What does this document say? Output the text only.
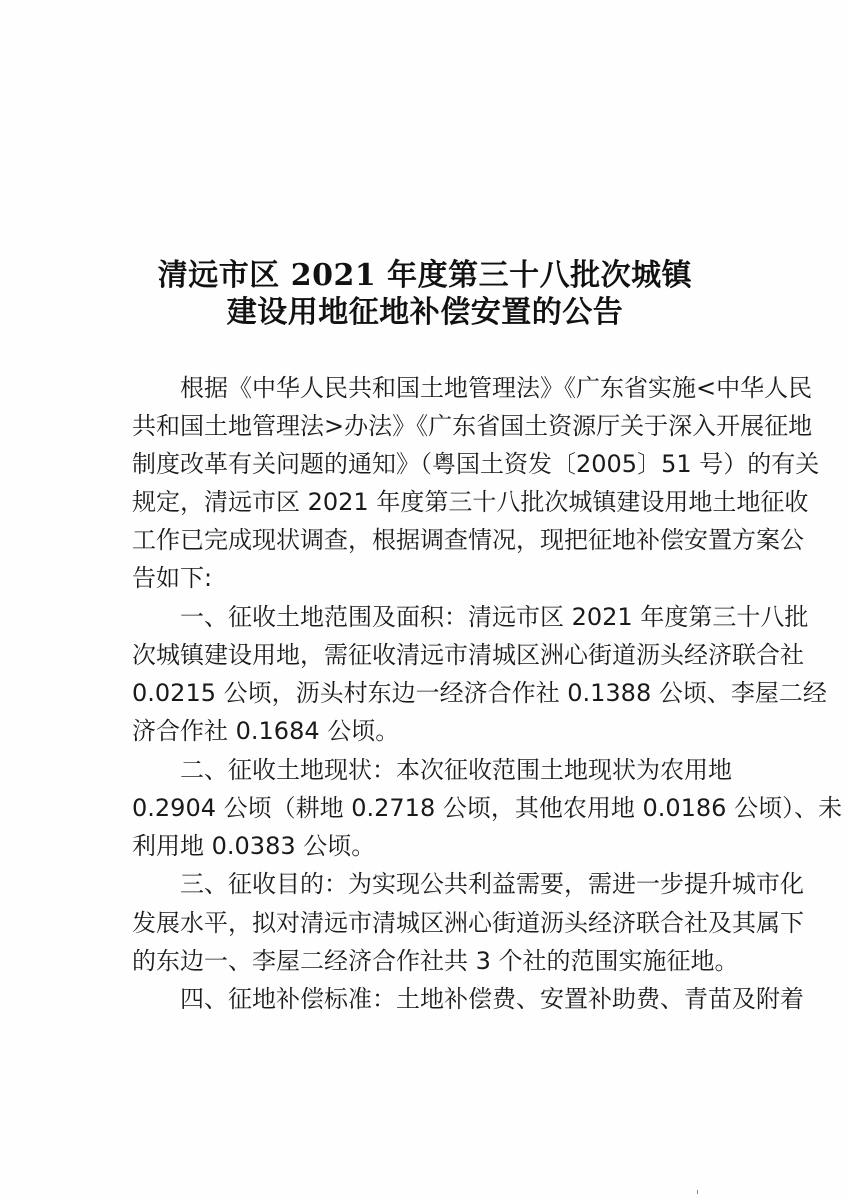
清远市区 2021 年度第三十八批次城镇
建设用地征地补偿安置的公告
根据《中华人民共和国土地管理法》《广东省实施<中华人民
共和国土地管理法>办法》《广东省国土资源厅关于深入开展征地
制度改革有关问题的通知》（粤国土资发〔2005〕51 号）的有关
规定，清远市区 2021 年度第三十八批次城镇建设用地土地征收
工作已完成现状调查，根据调查情况，现把征地补偿安置方案公
告如下:
一、征收土地范围及面积：清远市区 2021 年度第三十八批
次城镇建设用地，需征收清远市清城区洲心街道沥头经济联合社
0.0215 公顷，沥头村东边一经济合作社 0.1388 公顷、李屋二经
济合作社 0.1684 公顷。
二、征收土地现状：本次征收范围土地现状为农用地
0.2904 公顷（耕地 0.2718 公顷，其他农用地 0.0186 公顷）、未
利用地 0.0383 公顷。
三、征收目的：为实现公共利益需要，需进一步提升城市化
发展水平，拟对清远市清城区洲心街道沥头经济联合社及其属下
的东边一、李屋二经济合作社共 3 个社的范围实施征地。
四、征地补偿标准：土地补偿费、安置补助费、青苗及附着
